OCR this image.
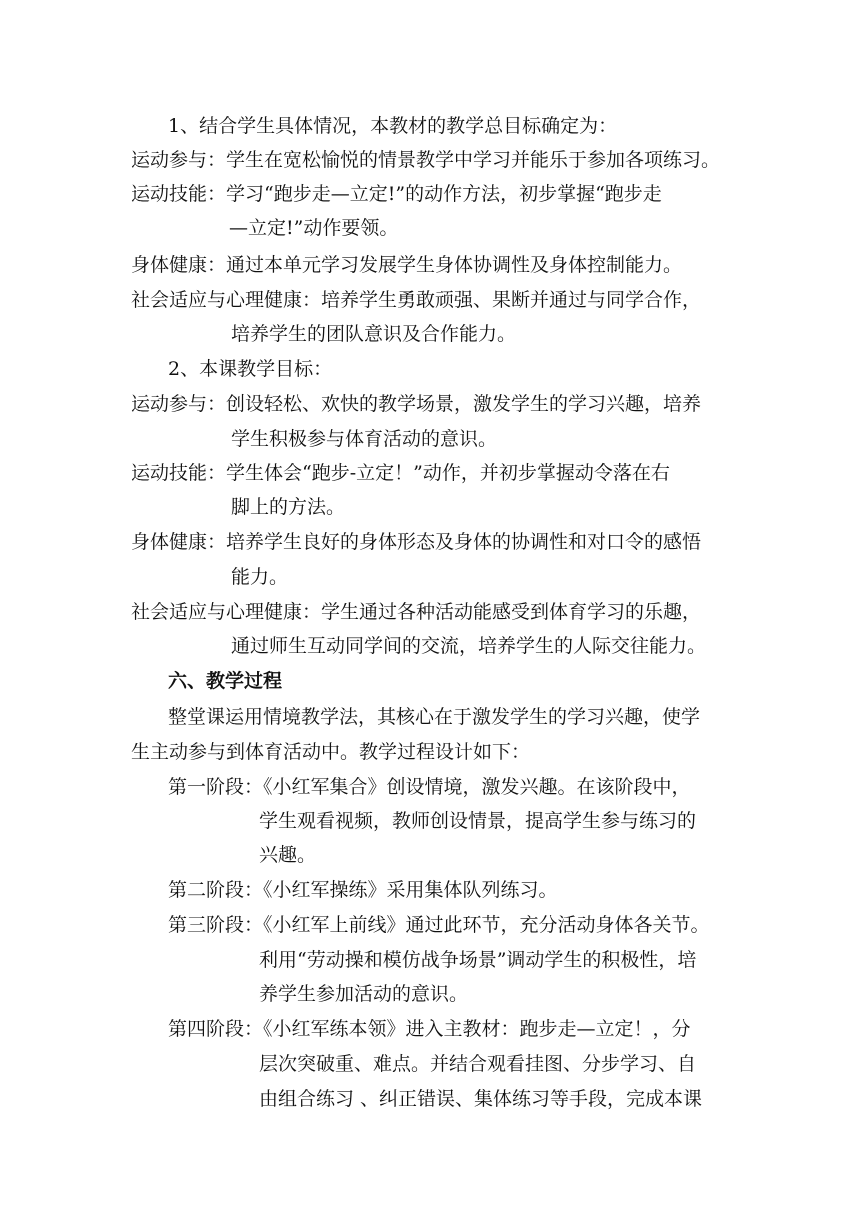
1、结合学生具体情况，本教材的教学总目标确定为：
运动参与：学生在宽松愉悦的情景教学中学习并能乐于参加各项练习。
运动技能：学习“跑步走—立定!”的动作方法，初步掌握“跑步走
—立定!”动作要领。
身体健康：通过本单元学习发展学生身体协调性及身体控制能力。
社会适应与心理健康：培养学生勇敢顽强、果断并通过与同学合作，
培养学生的团队意识及合作能力。
2、本课教学目标：
运动参与：创设轻松、欢快的教学场景，激发学生的学习兴趣，培养
学生积极参与体育活动的意识。
运动技能：学生体会“跑步-立定！”动作，并初步掌握动令落在右
脚上的方法。
身体健康：培养学生良好的身体形态及身体的协调性和对口令的感悟
能力。
社会适应与心理健康：学生通过各种活动能感受到体育学习的乐趣，
通过师生互动同学间的交流，培养学生的人际交往能力。
六、教学过程
整堂课运用情境教学法，其核心在于激发学生的学习兴趣，使学
生主动参与到体育活动中。教学过程设计如下：
第一阶段：《小红军集合》创设情境，激发兴趣。在该阶段中，
学生观看视频，教师创设情景，提高学生参与练习的
兴趣。
第二阶段：《小红军操练》采用集体队列练习。
第三阶段：《小红军上前线》通过此环节，充分活动身体各关节。
利用“劳动操和模仿战争场景”调动学生的积极性，培
养学生参加活动的意识。
第四阶段：《小红军练本领》进入主教材：跑步走—立定！，分
层次突破重、难点。并结合观看挂图、分步学习、自
由组合练习 、纠正错误、集体练习等手段，完成本课
